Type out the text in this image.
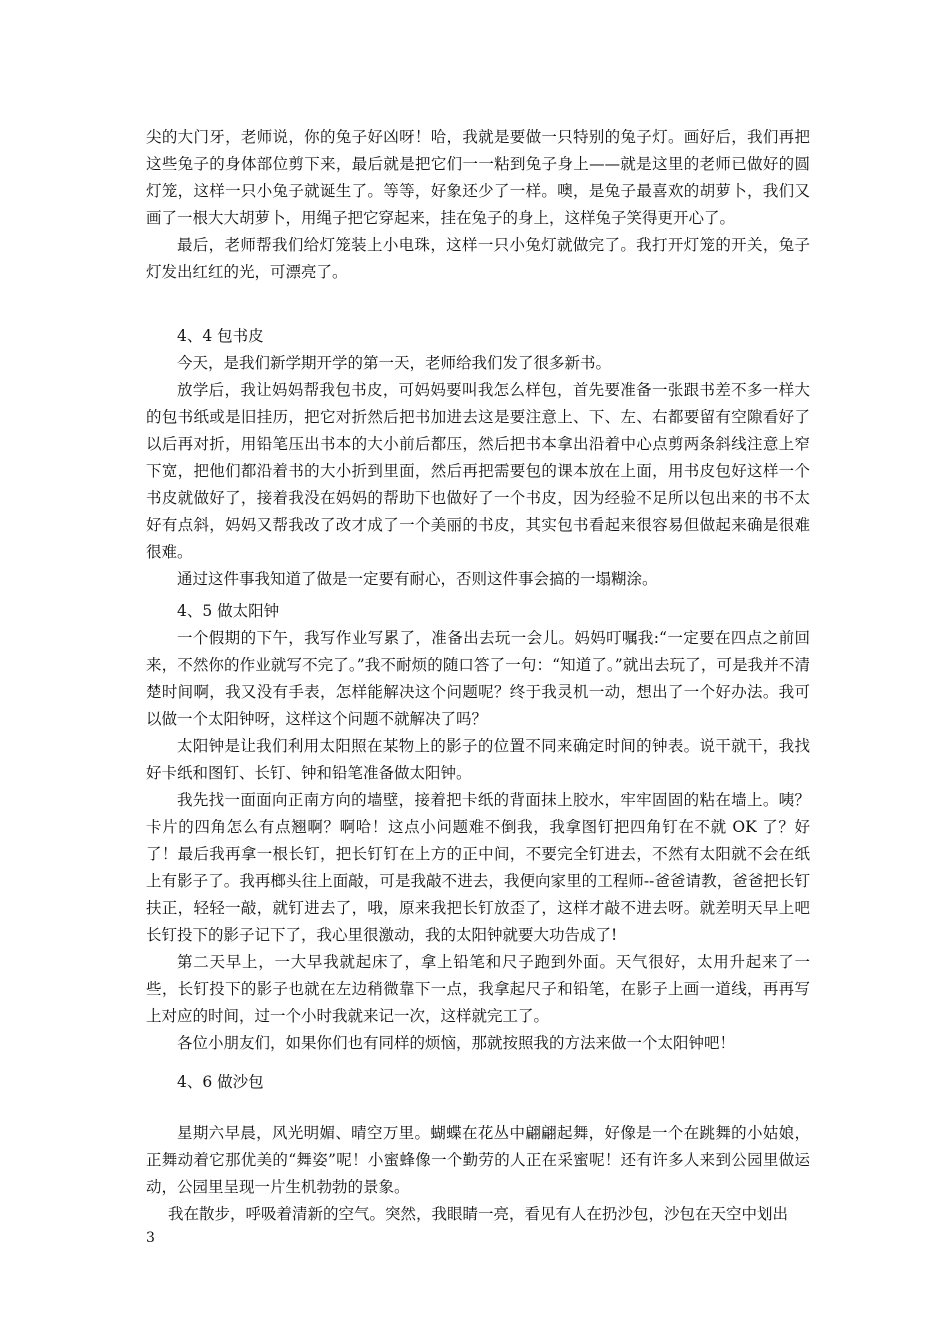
尖的大门牙，老师说，你的兔子好凶呀！哈，我就是要做一只特别的兔子灯。画好后，我们再把这些兔子的身体部位剪下来，最后就是把它们一一粘到兔子身上——就是这里的老师已做好的圆灯笼，这样一只小兔子就诞生了。等等，好象还少了一样。噢，是兔子最喜欢的胡萝卜，我们又画了一根大大胡萝卜，用绳子把它穿起来，挂在兔子的身上，这样兔子笑得更开心了。

最后，老师帮我们给灯笼装上小电珠，这样一只小兔灯就做完了。我打开灯笼的开关，兔子灯发出红红的光，可漂亮了。

4、4 包书皮

今天，是我们新学期开学的第一天，老师给我们发了很多新书。

放学后，我让妈妈帮我包书皮，可妈妈要叫我怎么样包，首先要准备一张跟书差不多一样大的包书纸或是旧挂历，把它对折然后把书加进去这是要注意上、下、左、右都要留有空隙看好了以后再对折，用铅笔压出书本的大小前后都压，然后把书本拿出沿着中心点剪两条斜线注意上窄下宽，把他们都沿着书的大小折到里面，然后再把需要包的课本放在上面，用书皮包好这样一个书皮就做好了，接着我没在妈妈的帮助下也做好了一个书皮，因为经验不足所以包出来的书不太好有点斜，妈妈又帮我改了改才成了一个美丽的书皮，其实包书看起来很容易但做起来确是很难很难。

通过这件事我知道了做是一定要有耐心，否则这件事会搞的一塌糊涂。

4、5 做太阳钟

一个假期的下午，我写作业写累了，准备出去玩一会儿。妈妈叮嘱我:“一定要在四点之前回来，不然你的作业就写不完了。”我不耐烦的随口答了一句：“知道了。”就出去玩了，可是我并不清楚时间啊，我又没有手表，怎样能解决这个问题呢？终于我灵机一动，想出了一个好办法。我可以做一个太阳钟呀，这样这个问题不就解决了吗？

太阳钟是让我们利用太阳照在某物上的影子的位置不同来确定时间的钟表。说干就干，我找好卡纸和图钉、长钉、钟和铅笔准备做太阳钟。

我先找一面面向正南方向的墙壁，接着把卡纸的背面抹上胶水，牢牢固固的粘在墙上。咦？卡片的四角怎么有点翘啊？啊哈！这点小问题难不倒我，我拿图钉把四角钉在不就 OK 了？好了！最后我再拿一根长钉，把长钉钉在上方的正中间，不要完全钉进去，不然有太阳就不会在纸上有影子了。我再榔头往上面敲，可是我敲不进去，我便向家里的工程师--爸爸请教，爸爸把长钉扶正，轻轻一敲，就钉进去了，哦，原来我把长钉放歪了，这样才敲不进去呀。就差明天早上吧长钉投下的影子记下了，我心里很激动，我的太阳钟就要大功告成了!

第二天早上，一大早我就起床了，拿上铅笔和尺子跑到外面。天气很好，太用升起来了一些，长钉投下的影子也就在左边稍微靠下一点，我拿起尺子和铅笔，在影子上画一道线，再再写上对应的时间，过一个小时我就来记一次，这样就完工了。

各位小朋友们，如果你们也有同样的烦恼，那就按照我的方法来做一个太阳钟吧！

4、6 做沙包

星期六早晨，风光明媚、晴空万里。蝴蝶在花丛中翩翩起舞，好像是一个在跳舞的小姑娘，正舞动着它那优美的“舞姿”呢！小蜜蜂像一个勤劳的人正在采蜜呢！还有许多人来到公园里做运动，公园里呈现一片生机勃勃的景象。

我在散步，呼吸着清新的空气。突然，我眼睛一亮，看见有人在扔沙包，沙包在天空中划出

3
